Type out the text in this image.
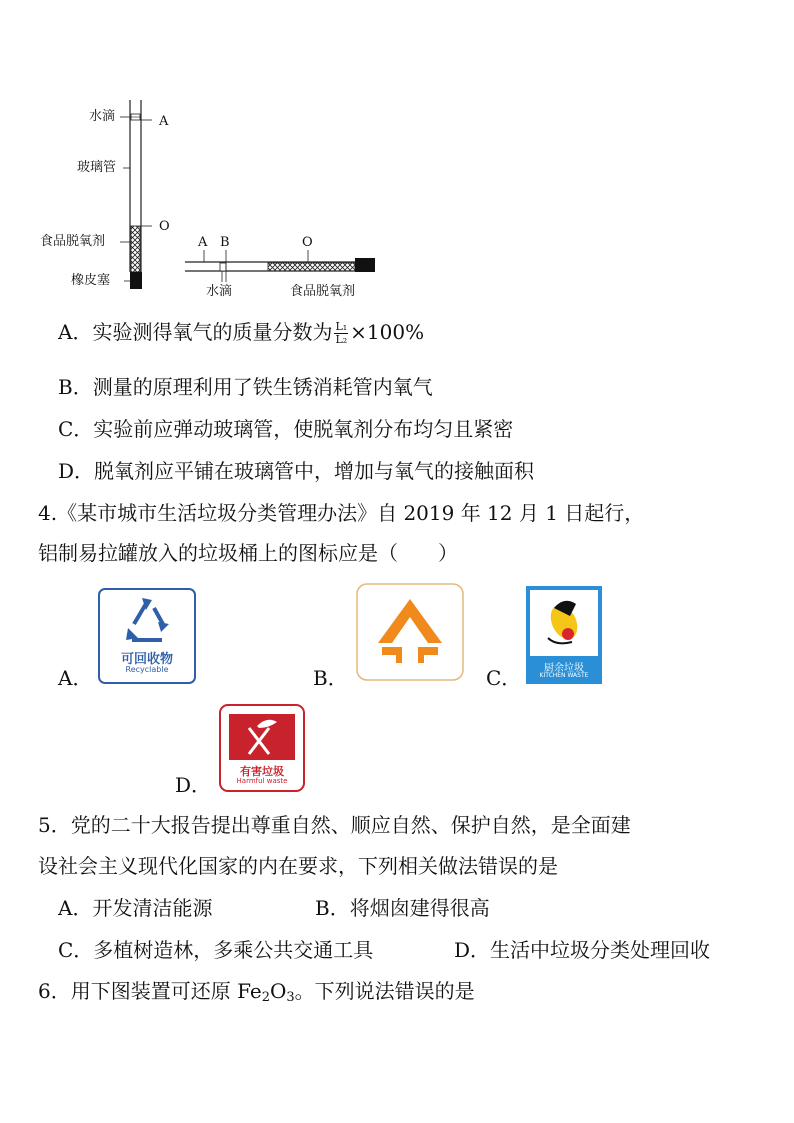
水滴
玻璃管
食品脱氧剂
橡皮塞
A
O
A B	O
水滴	食品脱氧剂
A．实验测得氧气的质量分数为 $\frac{\text{L₁}}{\text{L₂}} \times 100\%$
B．测量的原理利用了铁生锈消耗管内氧气
C．实验前应弹动玻璃管，使脱氧剂分布均匀且紧密
D．脱氧剂应平铺在玻璃管中，增加与氧气的接触面积
4.《某市城市生活垃圾分类管理办法》自 2019 年 12 月 1 日起行，
铝制易拉罐放入的垃圾桶上的图标应是（　　）
A．
可回收物
Recyclable	B．	C．	厨余垃圾
KITCHEN WASTE
D．
有害垃圾
Harmful waste
5．党的二十大报告提出尊重自然、顺应自然、保护自然，是全面建
设社会主义现代化国家的内在要求，下列相关做法错误的是
A．开发清洁能源	B．将烟囱建得很高
C．多植树造林，多乘公共交通工具	D．生活中垃圾分类处理回收
6．用下图装置可还原 $Fe_2O_3$。下列说法错误的是
